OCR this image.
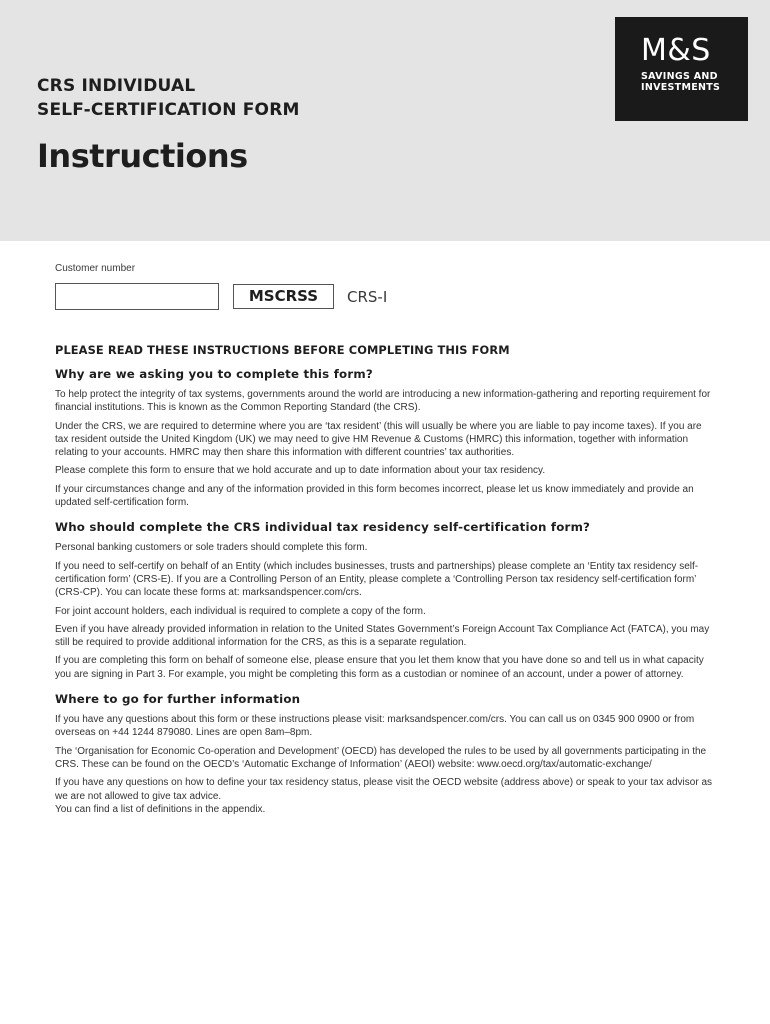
CRS INDIVIDUAL
SELF-CERTIFICATION FORM
Instructions
M&S
SAVINGS AND
INVESTMENTS
Customer number
MSCRSS	CRS-I
PLEASE READ THESE INSTRUCTIONS BEFORE COMPLETING THIS FORM
Why are we asking you to complete this form?

To help protect the integrity of tax systems, governments around the world are introducing a new information-gathering and reporting requirement for financial institutions. This is known as the Common Reporting Standard (the CRS).

Under the CRS, we are required to determine where you are ‘tax resident’ (this will usually be where you are liable to pay income taxes). If you are tax resident outside the United Kingdom (UK) we may need to give HM Revenue & Customs (HMRC) this information, together with information relating to your accounts. HMRC may then share this information with different countries’ tax authorities.

Please complete this form to ensure that we hold accurate and up to date information about your tax residency.

If your circumstances change and any of the information provided in this form becomes incorrect, please let us know immediately and provide an updated self-certification form.

Who should complete the CRS individual tax residency self-certification form?

Personal banking customers or sole traders should complete this form.

If you need to self-certify on behalf of an Entity (which includes businesses, trusts and partnerships) please complete an ‘Entity tax residency self-certification form’ (CRS-E). If you are a Controlling Person of an Entity, please complete a ‘Controlling Person tax residency self-certification form’ (CRS-CP). You can locate these forms at: marksandspencer.com/crs.

For joint account holders, each individual is required to complete a copy of the form.

Even if you have already provided information in relation to the United States Government’s Foreign Account Tax Compliance Act (FATCA), you may still be required to provide additional information for the CRS, as this is a separate regulation.

If you are completing this form on behalf of someone else, please ensure that you let them know that you have done so and tell us in what capacity you are signing in Part 3. For example, you might be completing this form as a custodian or nominee of an account, under a power of attorney.

Where to go for further information

If you have any questions about this form or these instructions please visit: marksandspencer.com/crs. You can call us on 0345 900 0900 or from overseas on +44 1244 879080. Lines are open 8am–8pm.

The ‘Organisation for Economic Co-operation and Development’ (OECD) has developed the rules to be used by all governments participating in the CRS. These can be found on the OECD’s ‘Automatic Exchange of Information’ (AEOI) website: www.oecd.org/tax/automatic-exchange/

If you have any questions on how to define your tax residency status, please visit the OECD website (address above) or speak to your tax advisor as we are not allowed to give tax advice.

You can find a list of definitions in the appendix.
